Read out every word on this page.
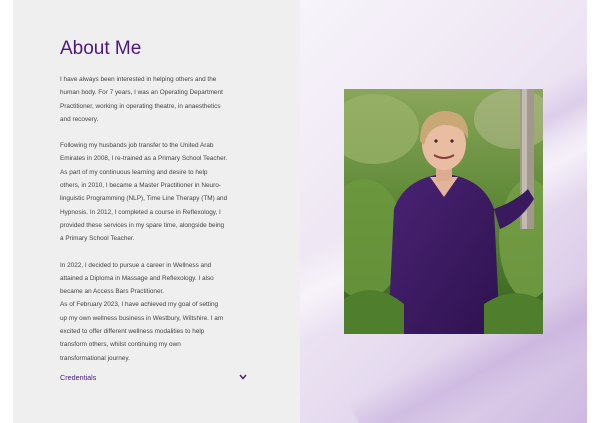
About Me

I have always been interested in helping others and the
human body. For 7 years, I was an Operating Department
Practitioner, working in operating theatre, in anaesthetics
and recovery.

Following my husbands job transfer to the United Arab
Emirates in 2008, I re-trained as a Primary School Teacher.
As part of my continuous learning and desire to help
others, in 2010, I became a Master Practitioner in Neuro-
linguistic Programming (NLP), Time Line Therapy (TM) and
Hypnosis. In 2012, I completed a course in Reflexology, I
provided these services in my spare time, alongside being
a Primary School Teacher.

In 2022, I decided to pursue a career in Wellness and
attained a Diploma in Massage and Reflexology. I also
became an Access Bars Practitioner.
As of February 2023, I have achieved my goal of setting
up my own wellness business in Westbury, Wiltshire. I am
excited to offer different wellness modalities to help
transform others, whilst continuing my own
transformational journey.

Credentials
